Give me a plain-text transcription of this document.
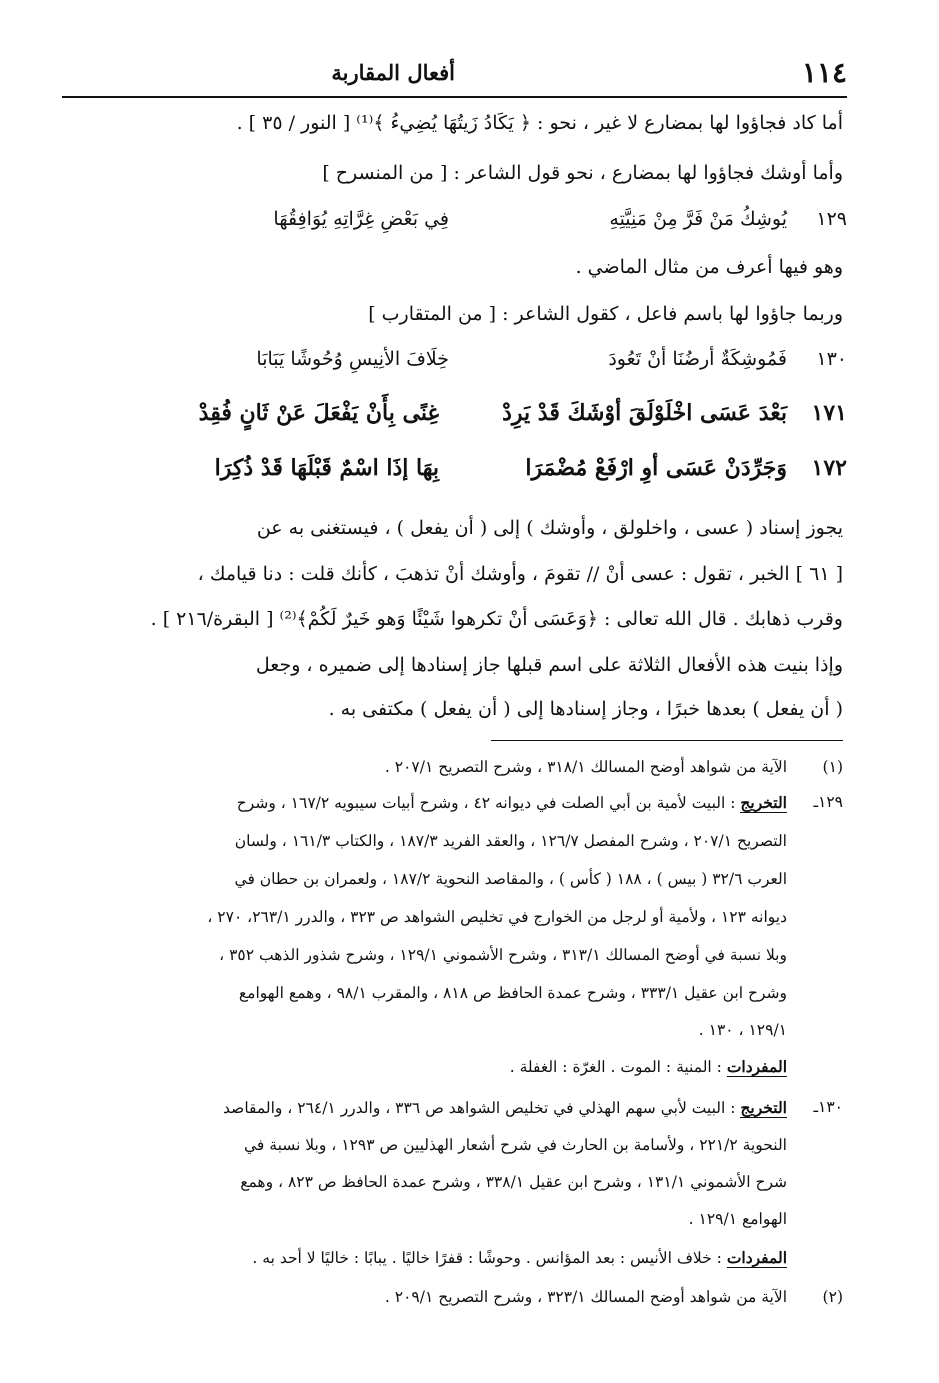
١١٤
أفعال المقاربة
أما كاد فجاؤوا لها بمضارع لا غير ، نحو : ﴿ يَكَادُ زَيتُهَا يُضِيءُ ﴾⁽¹⁾ [ النور / ٣٥ ] .
وأما أوشك فجاؤوا لها بمضارع ، نحو قول الشاعر : [ من المنسرح ]
١٢٩
يُوشِكُ مَنْ فَرَّ مِنْ مَنِيَّتِهِ
فِي بَعْضِ غِرَّاتِهِ يُوَافِقُهَا
وهو فيها أعرف من مثال الماضي .
وربما جاؤوا لها باسم فاعل ، كقول الشاعر : [ من المتقارب ]
١٣٠
فَمُوشِكَةٌ أرضُنَا أنْ تَعُودَ
خِلَافَ الأنِيسِ وُحُوشًا يَبَابَا
١٧١
بَعْدَ عَسَى اخْلَوْلَقَ أوْشَكَ قَدْ يَرِدْ
غِنًى بِأَنْ يَفْعَلَ عَنْ ثَانٍ فُقِدْ
١٧٢
وَجَرِّدَنْ عَسَى أوِ ارْفَعْ مُضْمَرَا
بِهَا إذَا اسْمٌ قَبْلَهَا قَدْ ذُكِرَا
يجوز إسناد ( عسى ، واخلولق ، وأوشك ) إلى ( أن يفعل ) ، فيستغنى به عن
[ ٦١ ] الخبر ، تقول : عسى أنْ // تقومَ ، وأوشك أنْ تذهبَ ، كأنك قلت : دنا قيامك ،
وقرب ذهابك . قال الله تعالى : ﴿وَعَسَى أنْ تكرهوا شَيْئًا وَهو خَيرٌ لَكُمْ﴾⁽²⁾ [ البقرة/٢١٦ ] .
وإذا بنيت هذه الأفعال الثلاثة على اسم قبلها جاز إسنادها إلى ضميره ، وجعل
( أن يفعل ) بعدها خبرًا ، وجاز إسنادها إلى ( أن يفعل ) مكتفى به .
(١)
الآية من شواهد أوضح المسالك ٣١٨/١ ، وشرح التصريح ٢٠٧/١ .
١٢٩ـ
التخريج : البيت لأمية بن أبي الصلت في ديوانه ٤٢ ، وشرح أبيات سيبويه ١٦٧/٢ ، وشرح
التصريح ٢٠٧/١ ، وشرح المفصل ١٢٦/٧ ، والعقد الفريد ١٨٧/٣ ، والكتاب ١٦١/٣ ، ولسان
العرب ٣٢/٦ ( بيس ) ، ١٨٨ ( كأس ) ، والمقاصد النحوية ١٨٧/٢ ، ولعمران بن حطان في
ديوانه ١٢٣ ، ولأمية أو لرجل من الخوارج في تخليص الشواهد ص ٣٢٣ ، والدرر ٢٦٣/١، ٢٧٠ ،
وبلا نسبة في أوضح المسالك ٣١٣/١ ، وشرح الأشموني ١٢٩/١ ، وشرح شذور الذهب ٣٥٢ ،
وشرح ابن عقيل ٣٣٣/١ ، وشرح عمدة الحافظ ص ٨١٨ ، والمقرب ٩٨/١ ، وهمع الهوامع
١٢٩/١ ، ١٣٠ .
المفردات : المنية : الموت . الغرّة : الغفلة .
١٣٠ـ
التخريج : البيت لأبي سهم الهذلي في تخليص الشواهد ص ٣٣٦ ، والدرر ٢٦٤/١ ، والمقاصد
النحوية ٢٢١/٢ ، ولأسامة بن الحارث في شرح أشعار الهذليين ص ١٢٩٣ ، وبلا نسبة في
شرح الأشموني ١٣١/١ ، وشرح ابن عقيل ٣٣٨/١ ، وشرح عمدة الحافظ ص ٨٢٣ ، وهمع
الهوامع ١٢٩/١ .
المفردات : خلاف الأنيس : بعد المؤانس . وحوشًا : قفرًا خاليًا . يبابًا : خاليًا لا أحد به .
(٢)
الآية من شواهد أوضح المسالك ٣٢٣/١ ، وشرح التصريح ٢٠٩/١ .
